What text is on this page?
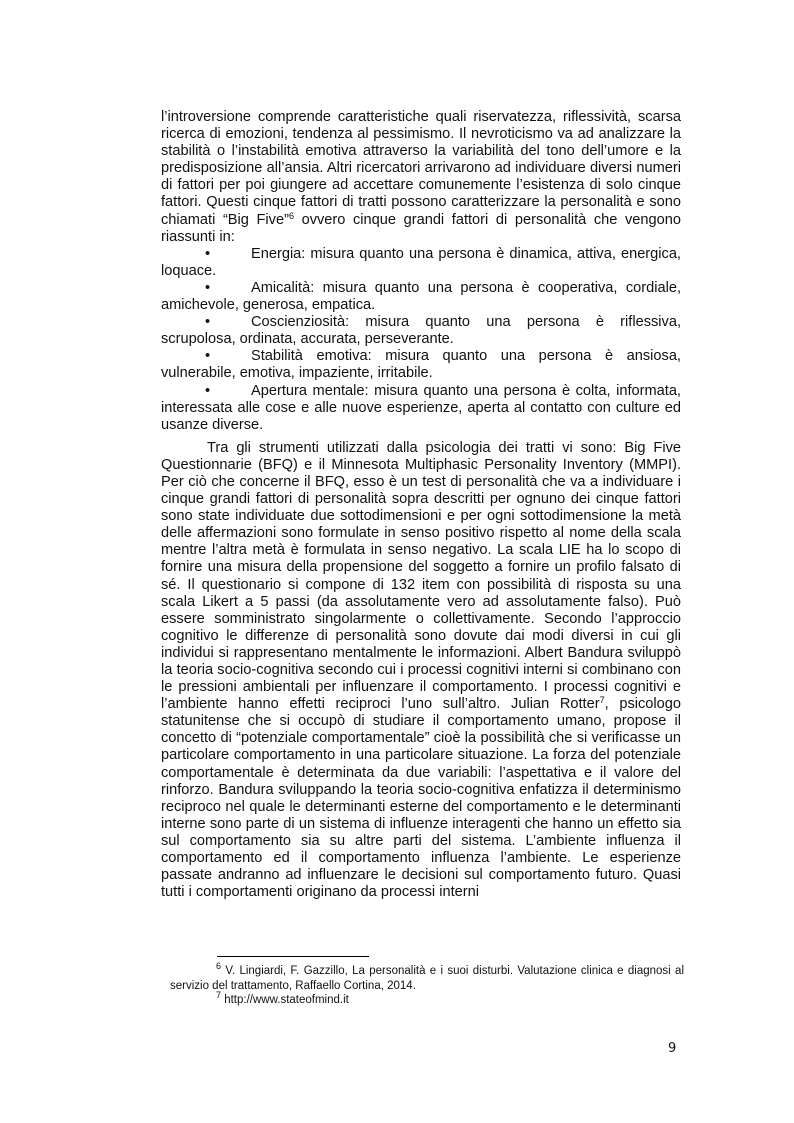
l’introversione comprende caratteristiche quali riservatezza, riflessività, scarsa ricerca di emozioni, tendenza al pessimismo. Il nevroticismo va ad analizzare la stabilità o l’instabilità emotiva attraverso la variabilità del tono dell’umore e la predisposizione all’ansia. Altri ricercatori arrivarono ad individuare diversi numeri di fattori per poi giungere ad accettare comunemente l’esistenza di solo cinque fattori. Questi cinque fattori di tratti possono caratterizzare la personalità e sono chiamati “Big Five”$^6$ ovvero cinque grandi fattori di personalità che vengono riassunti in:

•	Energia: misura quanto una persona è dinamica, attiva, energica, loquace.

•	Amicalità: misura quanto una persona è cooperativa, cordiale, amichevole, generosa, empatica.

•	Coscienziosità: misura quanto una persona è riflessiva, scrupolosa, ordinata, accurata, perseverante.

•	Stabilità emotiva: misura quanto una persona è ansiosa, vulnerabile, emotiva, impaziente, irritabile.

•	Apertura mentale: misura quanto una persona è colta, informata, interessata alle cose e alle nuove esperienze, aperta al contatto con culture ed usanze diverse.

Tra gli strumenti utilizzati dalla psicologia dei tratti vi sono: Big Five Questionnarie (BFQ) e il Minnesota Multiphasic Personality Inventory (MMPI). Per ciò che concerne il BFQ, esso è un test di personalità che va a individuare i cinque grandi fattori di personalità sopra descritti per ognuno dei cinque fattori sono state individuate due sottodimensioni e per ogni sottodimensione la metà delle affermazioni sono formulate in senso positivo rispetto al nome della scala mentre l’altra metà è formulata in senso negativo. La scala LIE ha lo scopo di fornire una misura della propensione del soggetto a fornire un profilo falsato di sé. Il questionario si compone di 132 item con possibilità di risposta su una scala Likert a 5 passi (da assolutamente vero ad assolutamente falso). Può essere somministrato singolarmente o collettivamente. Secondo l’approccio cognitivo le differenze di personalità sono dovute dai modi diversi in cui gli individui si rappresentano mentalmente le informazioni. Albert Bandura sviluppò la teoria socio-cognitiva secondo cui i processi cognitivi interni si combinano con le pressioni ambientali per influenzare il comportamento. I processi cognitivi e l’ambiente hanno effetti reciproci l’uno sull’altro. Julian Rotter$^7$, psicologo statunitense che si occupò di studiare il comportamento umano, propose il concetto di “potenziale comportamentale” cioè la possibilità che si verificasse un particolare comportamento in una particolare situazione. La forza del potenziale comportamentale è determinata da due variabili: l’aspettativa e il valore del rinforzo. Bandura sviluppando la teoria socio-cognitiva enfatizza il determinismo reciproco nel quale le determinanti esterne del comportamento e le determinanti interne sono parte di un sistema di influenze interagenti che hanno un effetto sia sul comportamento sia su altre parti del sistema. L’ambiente influenza il comportamento ed il comportamento influenza l’ambiente. Le esperienze passate andranno ad influenzare le decisioni sul comportamento futuro. Quasi tutti i comportamenti originano da processi interni

$^6$ V. Lingiardi, F. Gazzillo, La personalità e i suoi disturbi. Valutazione clinica e diagnosi al servizio del trattamento, Raffaello Cortina, 2014.

$^7$ http://www.stateofmind.it

9
